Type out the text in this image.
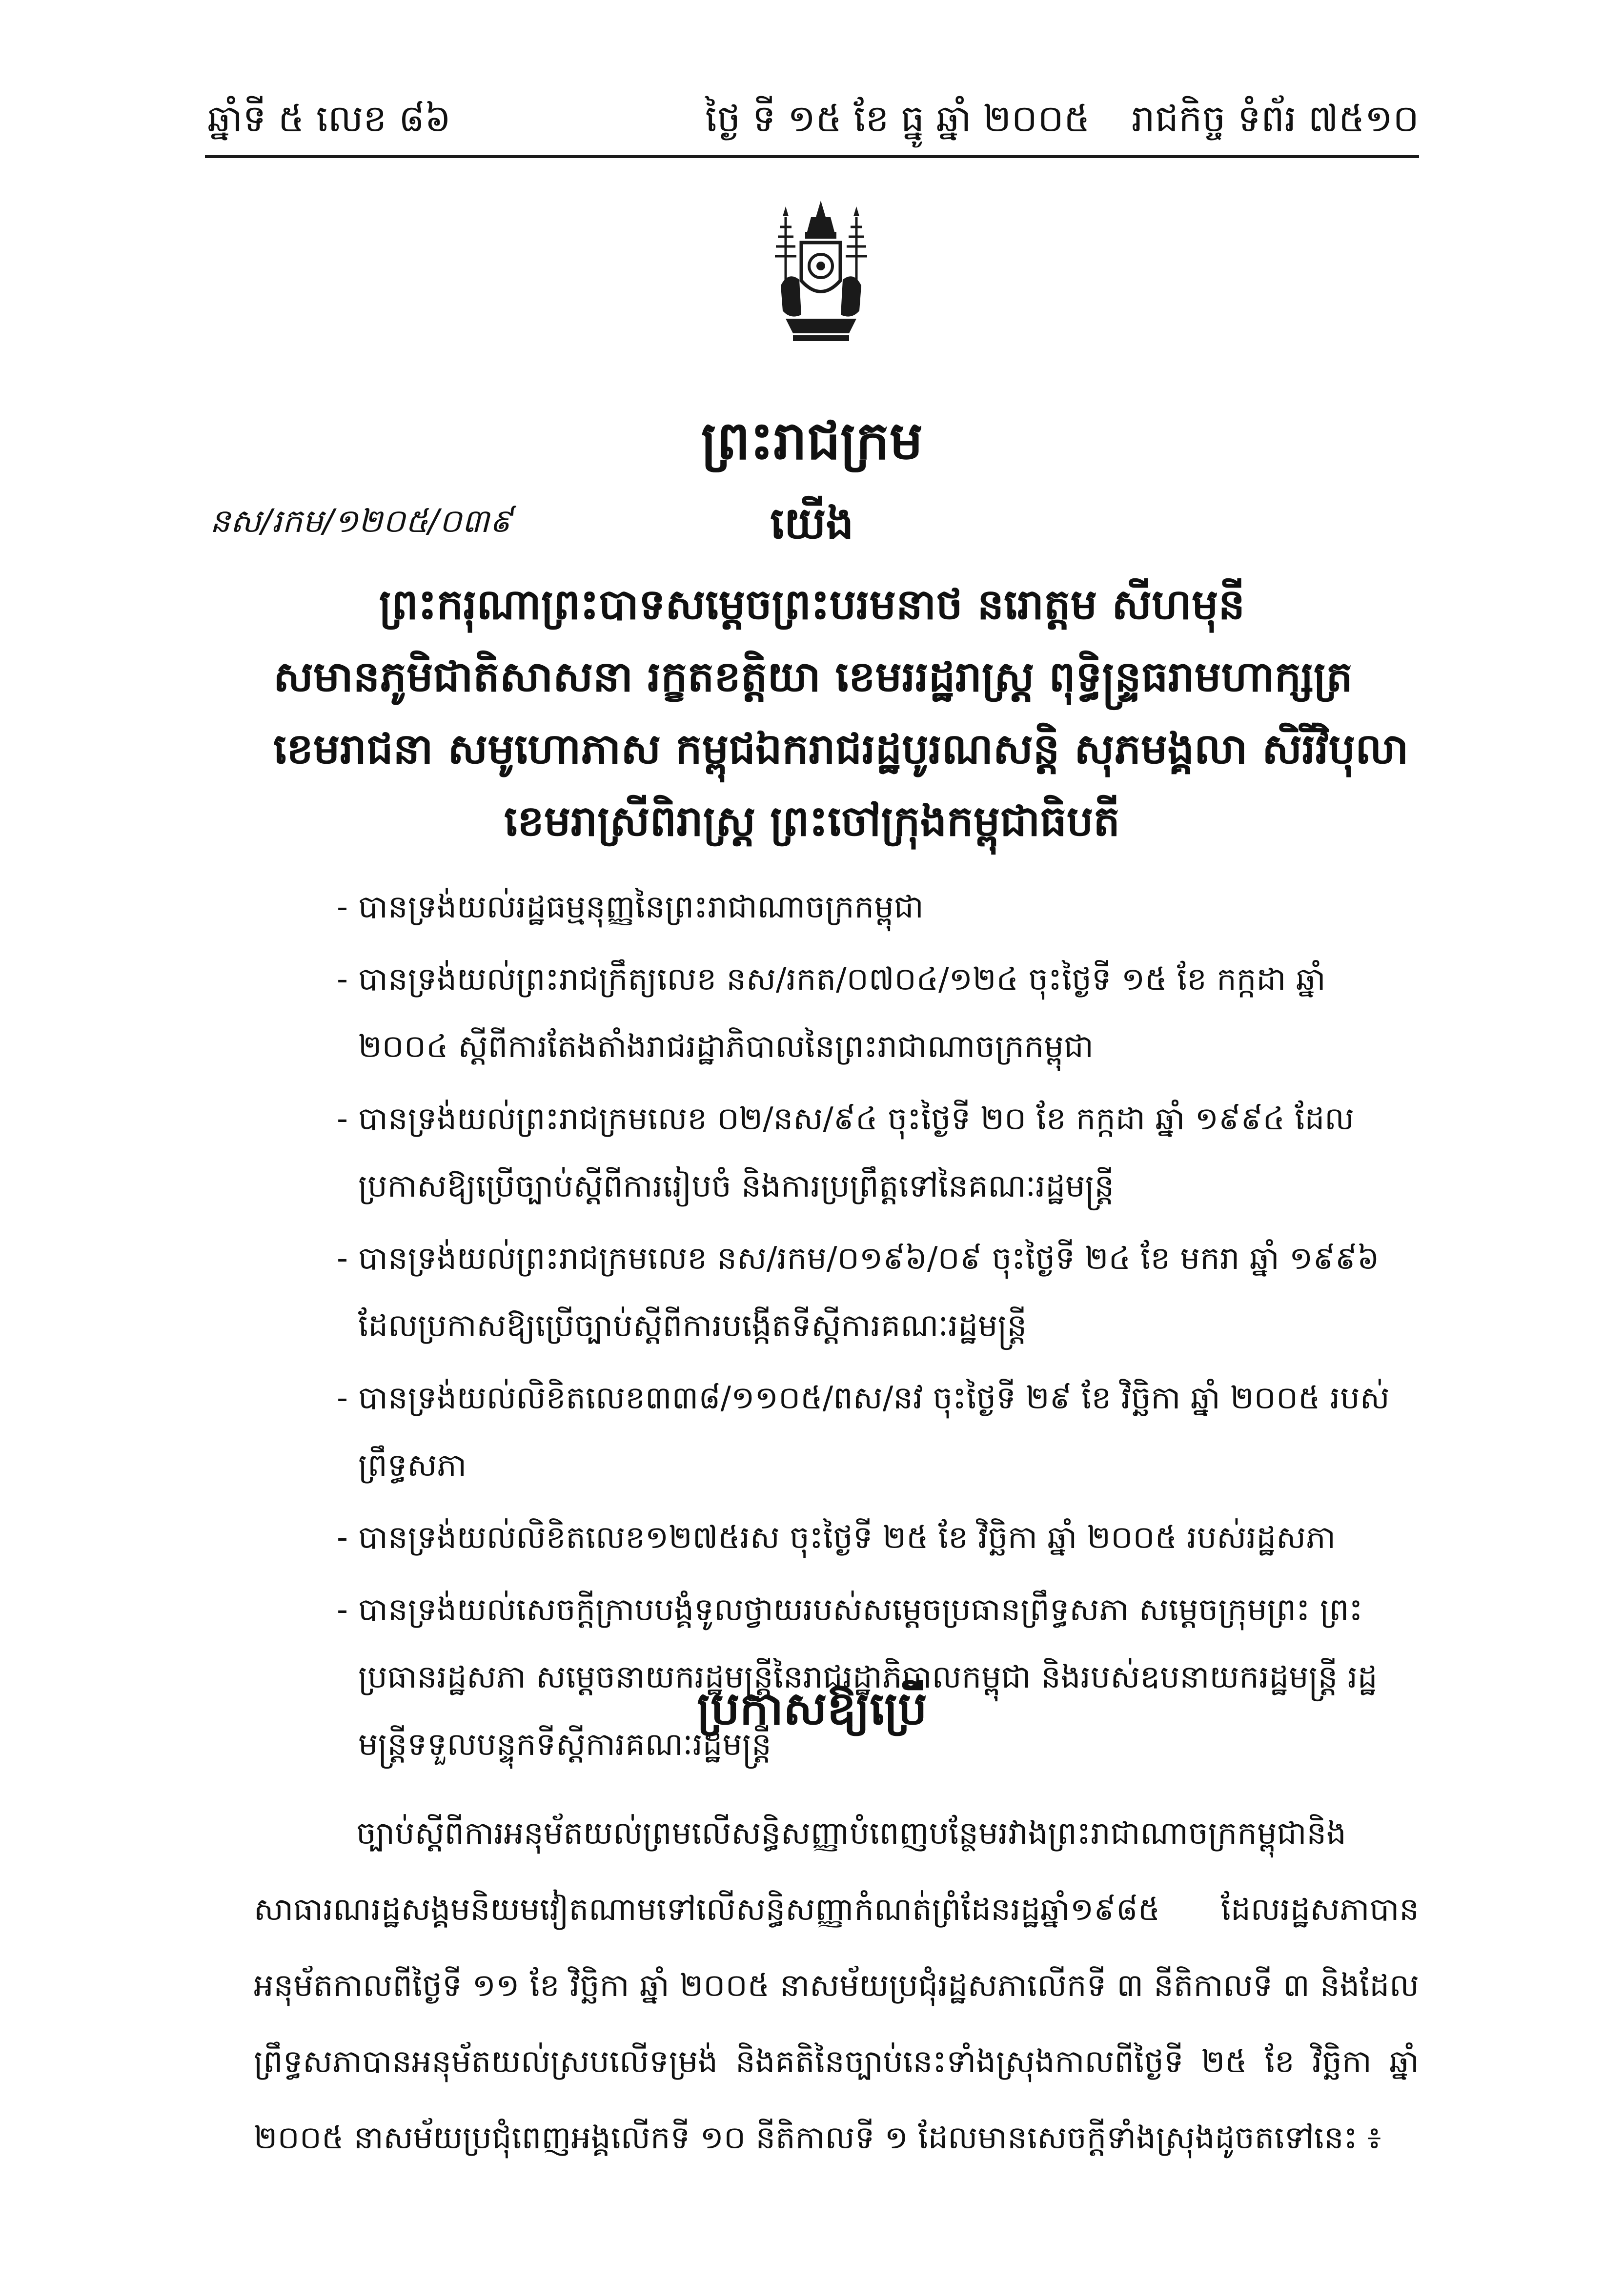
ឆ្នាំទី ៥ លេខ ៨៦	ថ្ងៃ ទី ១៥ ខែ ធ្នូ ឆ្នាំ ២០០៥ រាជកិច្ច ទំព័រ ៧៥១០
ព្រះរាជក្រម
នស/រកម/១២០៥/០៣៩	យើង
ព្រះករុណាព្រះបាទសម្តេចព្រះបរមនាថ នរោត្តម សីហមុនី
សមានភូមិជាតិសាសនា រក្ខតខត្តិយា ខេមររដ្ឋរាស្ត្រ ពុទ្ធិន្ទ្រធរាមហាក្សត្រ
ខេមរាជនា សមូហោភាស កម្ពុជឯករាជរដ្ឋបូរណសន្តិ សុភមង្គលា សិរីវិបុលា
ខេមរាស្រីពិរាស្ត្រ ព្រះចៅក្រុងកម្ពុជាធិបតី
- បានទ្រង់យល់រដ្ឋធម្មនុញ្ញនៃព្រះរាជាណាចក្រកម្ពុជា
- បានទ្រង់យល់ព្រះរាជក្រឹត្យលេខ នស/រកត/០៧០៤/១២៤ ចុះថ្ងៃទី ១៥ ខែ កក្កដា ឆ្នាំ ២០០៤ ស្តីពីការតែងតាំងរាជរដ្ឋាភិបាលនៃព្រះរាជាណាចក្រកម្ពុជា
- បានទ្រង់យល់ព្រះរាជក្រមលេខ ០២/នស/៩៤ ចុះថ្ងៃទី ២០ ខែ កក្កដា ឆ្នាំ ១៩៩៤ ដែលប្រកាសឱ្យប្រើច្បាប់ស្តីពីការរៀបចំ និងការប្រព្រឹត្តទៅនៃគណៈរដ្ឋមន្ត្រី
- បានទ្រង់យល់ព្រះរាជក្រមលេខ នស/រកម/០១៩៦/០៩ ចុះថ្ងៃទី ២៤ ខែ មករា ឆ្នាំ ១៩៩៦ ដែលប្រកាសឱ្យប្រើច្បាប់ស្តីពីការបង្កើតទីស្តីការគណៈរដ្ឋមន្ត្រី
- បានទ្រង់យល់លិខិតលេខ៣៣៨/១១០៥/ពស/នវ ចុះថ្ងៃទី ២៩ ខែ វិច្ឆិកា ឆ្នាំ ២០០៥ របស់ព្រឹទ្ធសភា
- បានទ្រង់យល់លិខិតលេខ១២៧៥រស ចុះថ្ងៃទី ២៥ ខែ វិច្ឆិកា ឆ្នាំ ២០០៥ របស់រដ្ឋសភា
- បានទ្រង់យល់សេចក្តីក្រាបបង្គំទូលថ្វាយរបស់សម្តេចប្រធានព្រឹទ្ធសភា សម្តេចក្រុមព្រះ ព្រះប្រធានរដ្ឋសភា សម្តេចនាយករដ្ឋមន្ត្រីនៃរាជរដ្ឋាភិបាលកម្ពុជា និងរបស់ឧបនាយករដ្ឋមន្ត្រី រដ្ឋមន្ត្រីទទួលបន្ទុកទីស្តីការគណៈរដ្ឋមន្ត្រី
ប្រកាសឱ្យប្រើ

ច្បាប់ស្តីពីការអនុម័តយល់ព្រមលើសន្ធិសញ្ញាបំពេញបន្ថែមរវាងព្រះរាជាណាចក្រកម្ពុជានិងសាធារណរដ្ឋសង្គមនិយមវៀតណាមទៅលើសន្ធិសញ្ញាកំណត់ព្រំដែនរដ្ឋឆ្នាំ១៩៨៥ ដែលរដ្ឋសភាបានអនុម័តកាលពីថ្ងៃទី ១១ ខែ វិច្ឆិកា ឆ្នាំ ២០០៥ នាសម័យប្រជុំរដ្ឋសភាលើកទី ៣ នីតិកាលទី ៣ និងដែលព្រឹទ្ធសភាបានអនុម័តយល់ស្របលើទម្រង់ និងគតិនៃច្បាប់នេះទាំងស្រុងកាលពីថ្ងៃទី ២៥ ខែ វិច្ឆិកា ឆ្នាំ ២០០៥ នាសម័យប្រជុំពេញអង្គលើកទី ១០ នីតិកាលទី ១ ដែលមានសេចក្តីទាំងស្រុងដូចតទៅនេះ ៖
